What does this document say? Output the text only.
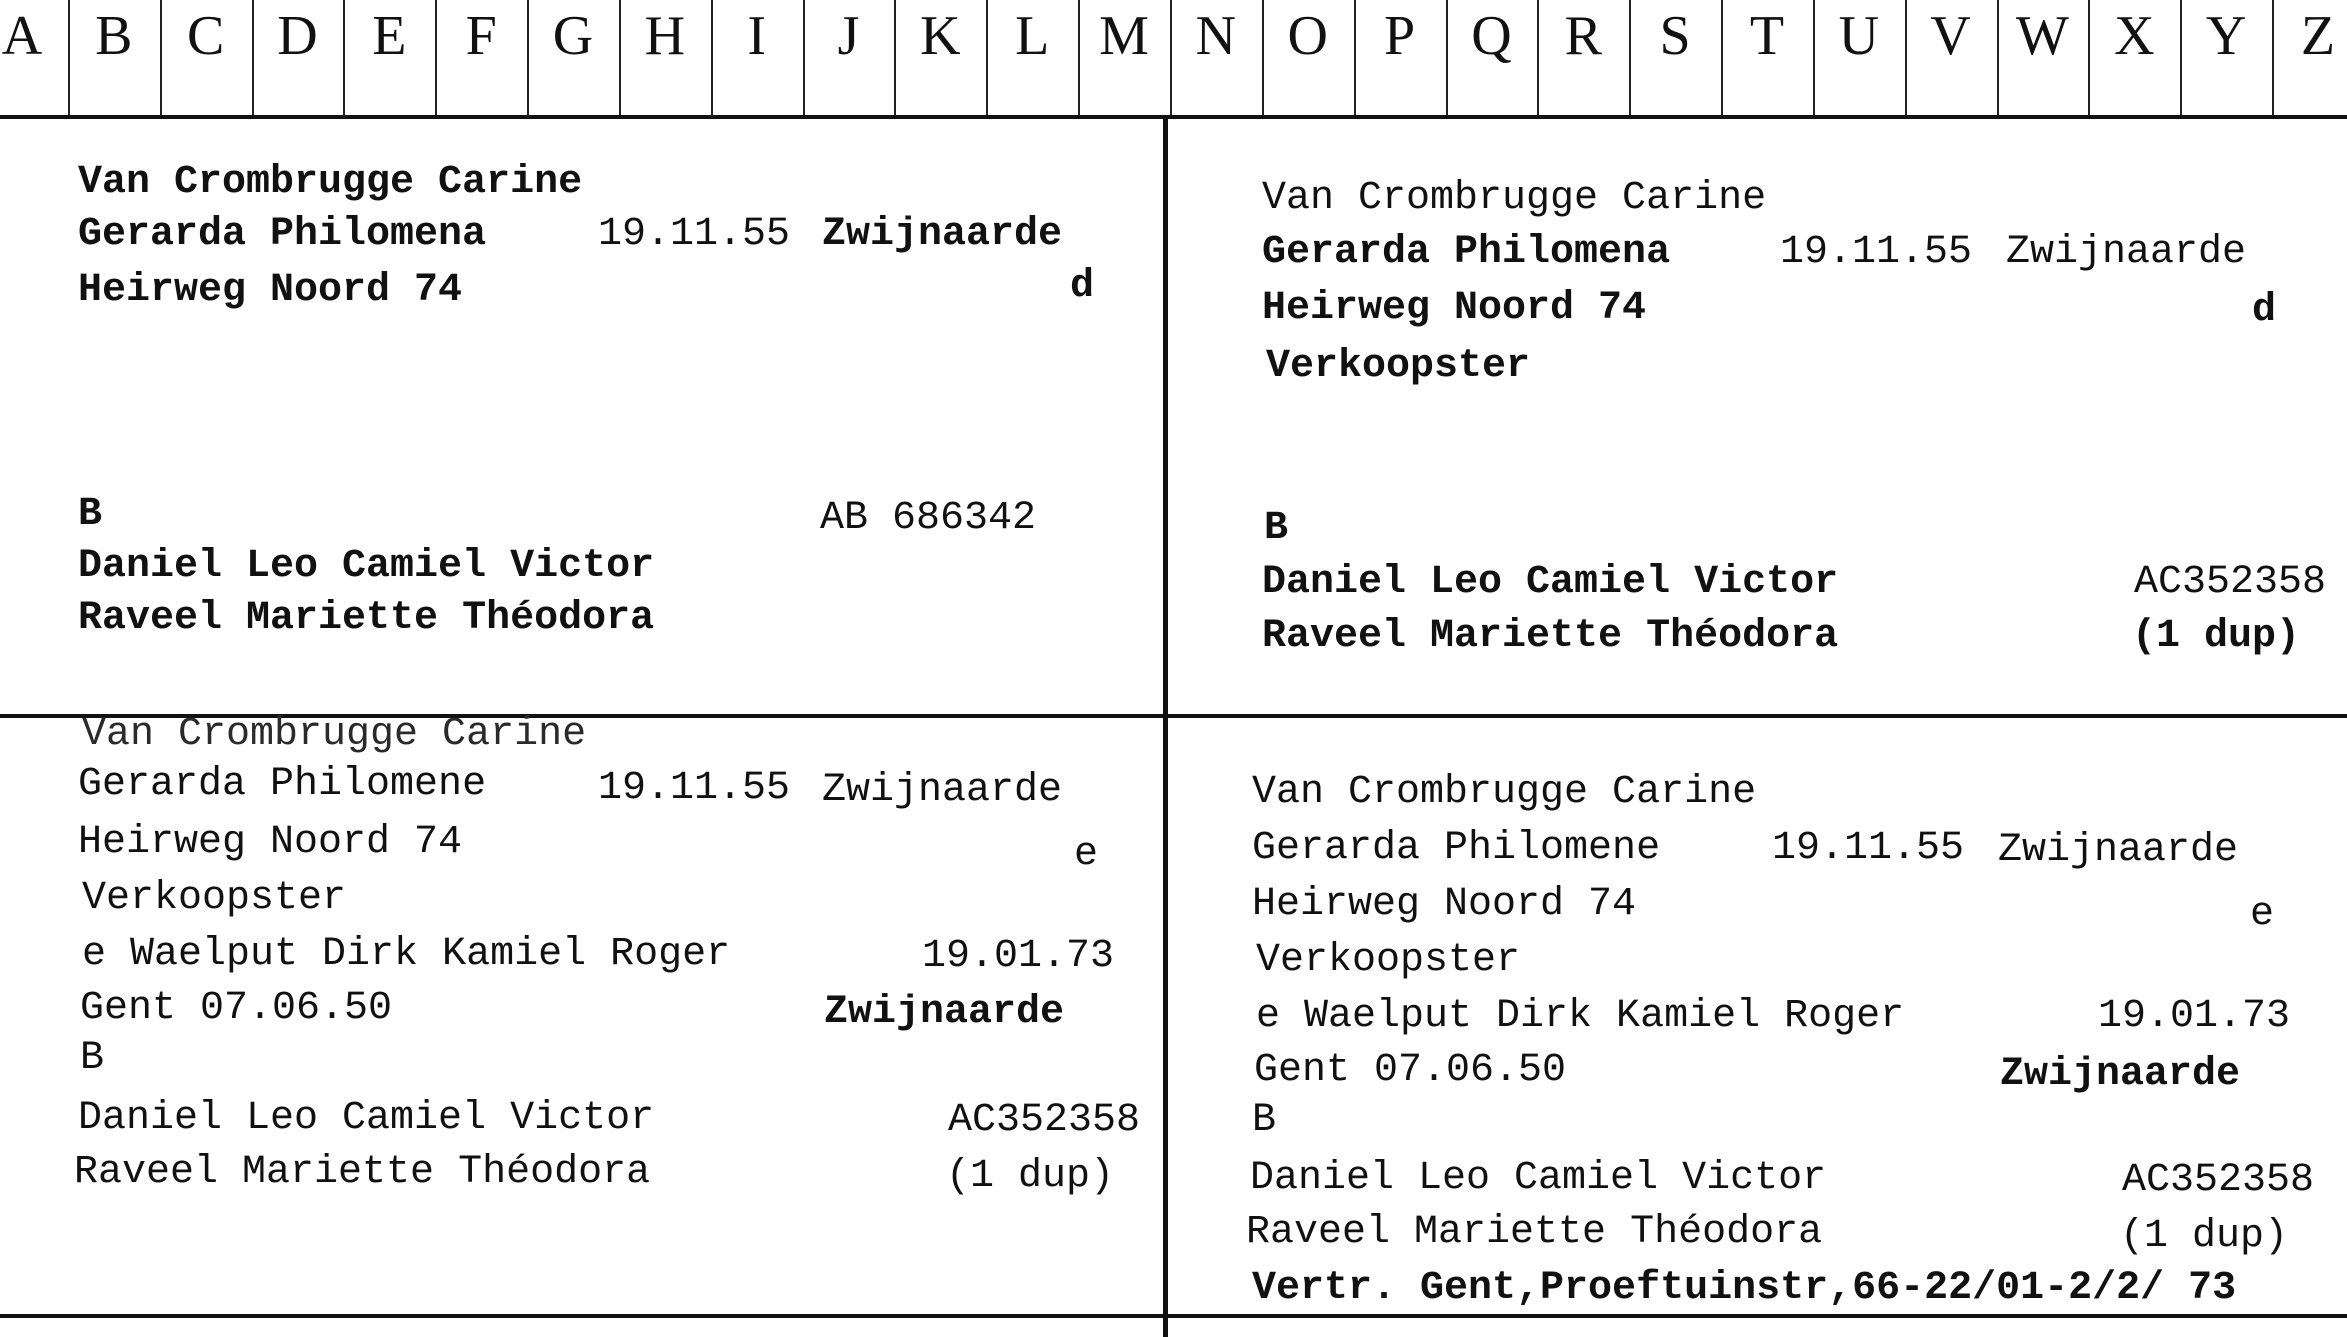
A B C D E F G H I J K L M N O P Q R S T U V W X Y Z
Van Crombrugge Carine
Gerarda Philomena	19.11.55 Zwijnaarde
Heirweg Noord 74	d
B	AB 686342
Daniel Leo Camiel Victor
Raveel Mariette Théodora
Van Crombrugge Carine
Gerarda Philomena	19.11.55 Zwijnaarde
Heirweg Noord 74	d
Verkoopster
B
Daniel Leo Camiel Victor	AC352358
Raveel Mariette Théodora	(1 dup)
Van Crombrugge Carine
Gerarda Philomene	19.11.55 Zwijnaarde
Heirweg Noord 74	e
Verkoopster
e Waelput Dirk Kamiel Roger	19.01.73
Gent 07.06.50	Zwijnaarde
B
Daniel Leo Camiel Victor	AC352358
Raveel Mariette Théodora	(1 dup)
Van Crombrugge Carine
Gerarda Philomene	19.11.55 Zwijnaarde
Heirweg Noord 74	e
Verkoopster
e Waelput Dirk Kamiel Roger	19.01.73
Gent 07.06.50	Zwijnaarde
B
Daniel Leo Camiel Victor	AC352358
Raveel Mariette Théodora	(1 dup)
Vertr. Gent,Proeftuinstr,66-22/01-2/2/ 73
